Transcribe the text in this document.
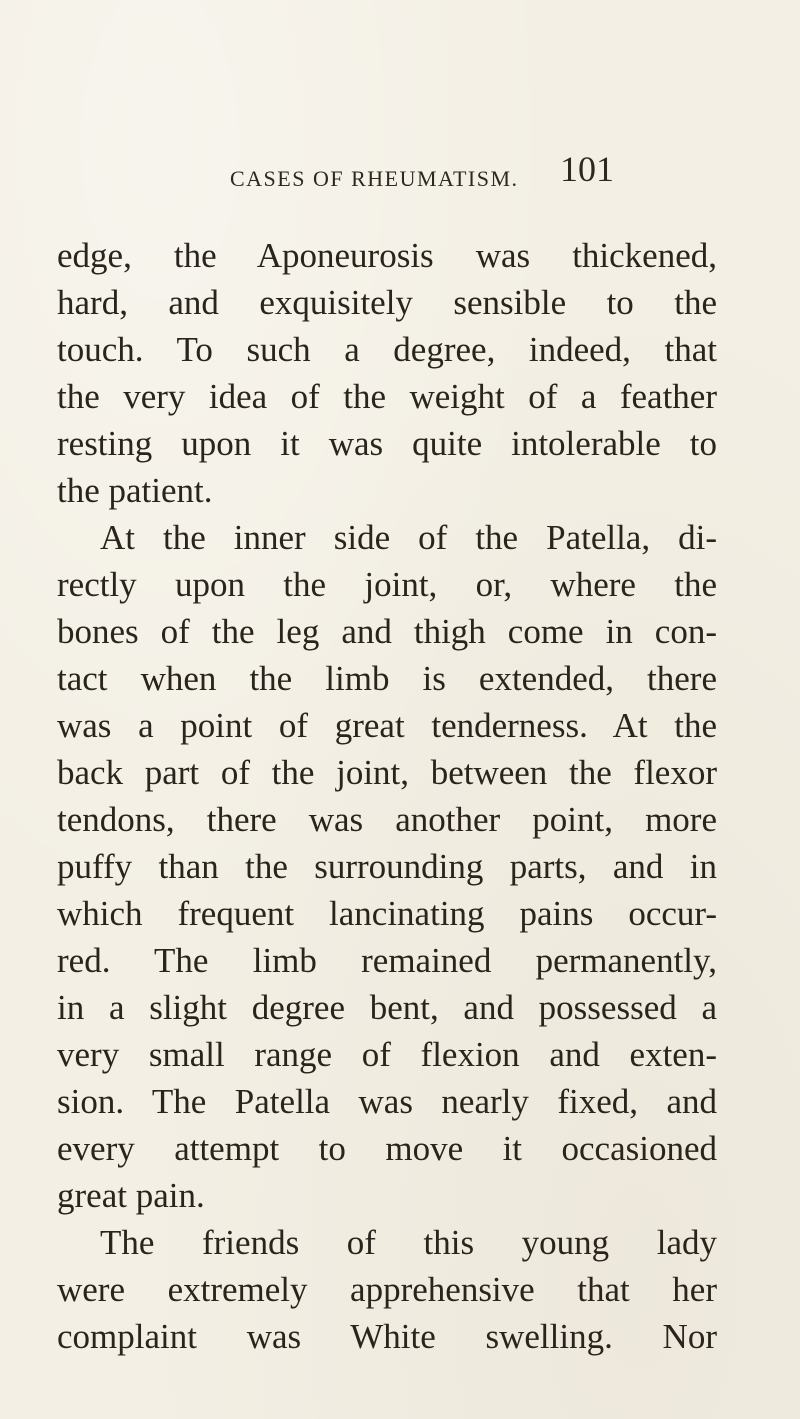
CASES OF RHEUMATISM. 101
edge, the Aponeurosis was thickened,
hard, and exquisitely sensible to the
touch. To such a degree, indeed, that
the very idea of the weight of a feather
resting upon it was quite intolerable to
the patient.
At the inner side of the Patella, di-
rectly upon the joint, or, where the
bones of the leg and thigh come in con-
tact when the limb is extended, there
was a point of great tenderness. At the
back part of the joint, between the flexor
tendons, there was another point, more
puffy than the surrounding parts, and in
which frequent lancinating pains occur-
red. The limb remained permanently,
in a slight degree bent, and possessed a
very small range of flexion and exten-
sion. The Patella was nearly fixed, and
every attempt to move it occasioned
great pain.
The friends of this young lady
were extremely apprehensive that her
complaint was White swelling. Nor
